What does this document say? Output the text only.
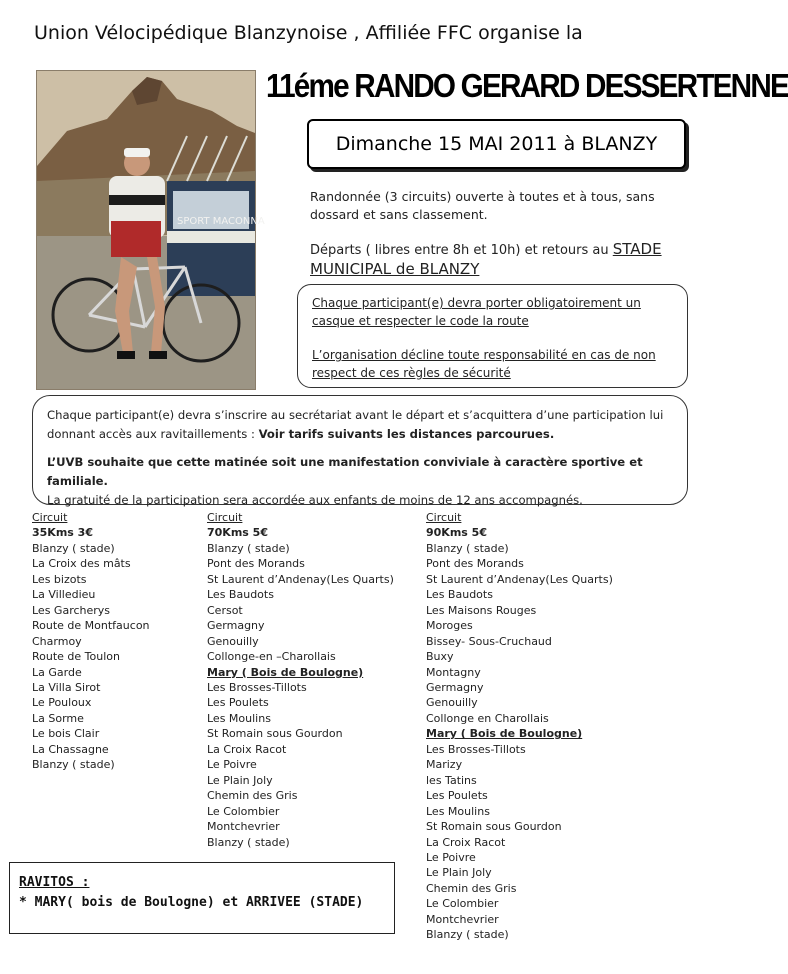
Union Vélocipédique Blanzynoise , Affiliée FFC organise la
11éme RANDO GERARD DESSERTENNE
SPORT MACONNA
Dimanche 15 MAI 2011 à BLANZY

Randonnée (3 circuits) ouverte à toutes et à tous, sans dossard et sans classement.

Départs ( libres entre 8h et 10h) et retours au STADE MUNICIPAL de BLANZY

Chaque participant(e) devra porter obligatoirement un casque et respecter le code la route

L’organisation décline toute responsabilité en cas de non respect de ces règles de sécurité

Chaque participant(e) devra s’inscrire au secrétariat avant le départ et s’acquittera d’une participation lui donnant accès aux ravitaillements : Voir tarifs suivants les distances parcourues.

L’UVB souhaite que cette matinée soit une manifestation conviviale à caractère sportive et familiale.
La gratuité de la participation sera accordée aux enfants de moins de 12 ans accompagnés.

Circuit
35Kms 3€
Blanzy ( stade)
La Croix des mâts
Les bizots
La Villedieu
Les Garcherys
Route de Montfaucon
Charmoy
Route de Toulon
La Garde
La Villa Sirot
Le Pouloux
La Sorme
Le bois Clair
La Chassagne
Blanzy ( stade)
Circuit
70Kms 5€
Blanzy ( stade)
Pont des Morands
St Laurent d’Andenay(Les Quarts)
Les Baudots
Cersot
Germagny
Genouilly
Collonge-en –Charollais
Mary ( Bois de Boulogne)
Les Brosses-Tillots
Les Poulets
Les Moulins
St Romain sous Gourdon
La Croix Racot
Le Poivre
Le Plain Joly
Chemin des Gris
Le Colombier
Montchevrier
Blanzy ( stade)
Circuit
90Kms 5€
Blanzy ( stade)
Pont des Morands
St Laurent d’Andenay(Les Quarts)
Les Baudots
Les Maisons Rouges
Moroges
Bissey- Sous-Cruchaud
Buxy
Montagny
Germagny
Genouilly
Collonge en Charollais
Mary ( Bois de Boulogne)
Les Brosses-Tillots
Marizy
les Tatins
Les Poulets
Les Moulins
St Romain sous Gourdon
La Croix Racot
Le Poivre
Le Plain Joly
Chemin des Gris
Le Colombier
Montchevrier
Blanzy ( stade)
RAVITOS :
* MARY( bois de Boulogne) et ARRIVEE (STADE)
